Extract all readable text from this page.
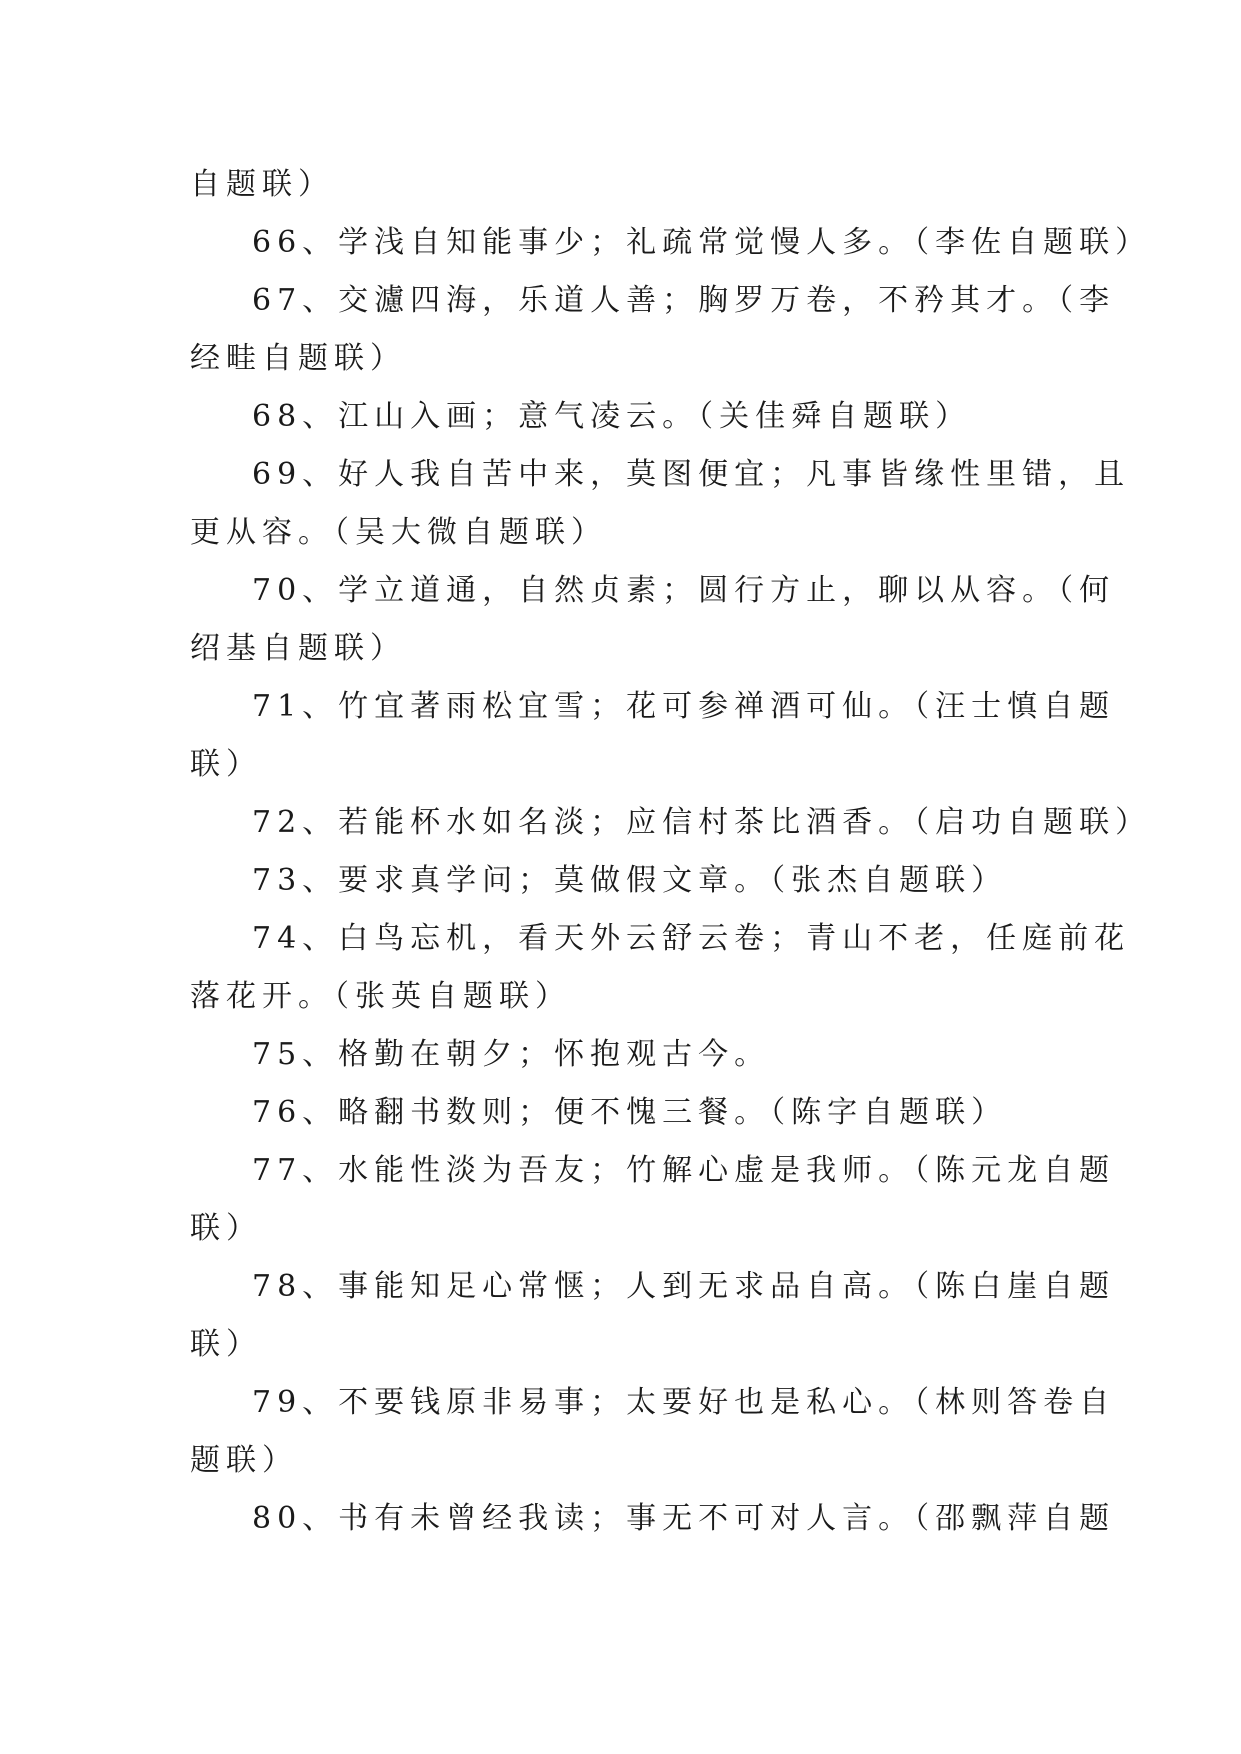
自题联）
66、学浅自知能事少；礼疏常觉慢人多。（李佐自题联）
67、交濾四海，乐道人善；胸罗万卷，不矜其才。（李
经畦自题联）
68、江山入画；意气凌云。（关佳舜自题联）
69、好人我自苦中来，莫图便宜；凡事皆缘性里错，且
更从容。（吴大微自题联）
70、学立道通，自然贞素；圆行方止，聊以从容。（何
绍基自题联）
71、竹宜著雨松宜雪；花可参禅酒可仙。（汪士慎自题
联）
72、若能杯水如名淡；应信村茶比酒香。（启功自题联）
73、要求真学问；莫做假文章。（张杰自题联）
74、白鸟忘机，看天外云舒云卷；青山不老，任庭前花
落花开。（张英自题联）
75、格勤在朝夕；怀抱观古今。
76、略翻书数则；便不愧三餐。（陈字自题联）
77、水能性淡为吾友；竹解心虚是我师。（陈元龙自题
联）
78、事能知足心常惬；人到无求品自高。（陈白崖自题
联）
79、不要钱原非易事；太要好也是私心。（林则答卷自
题联）
80、书有未曾经我读；事无不可对人言。（邵飘萍自题
